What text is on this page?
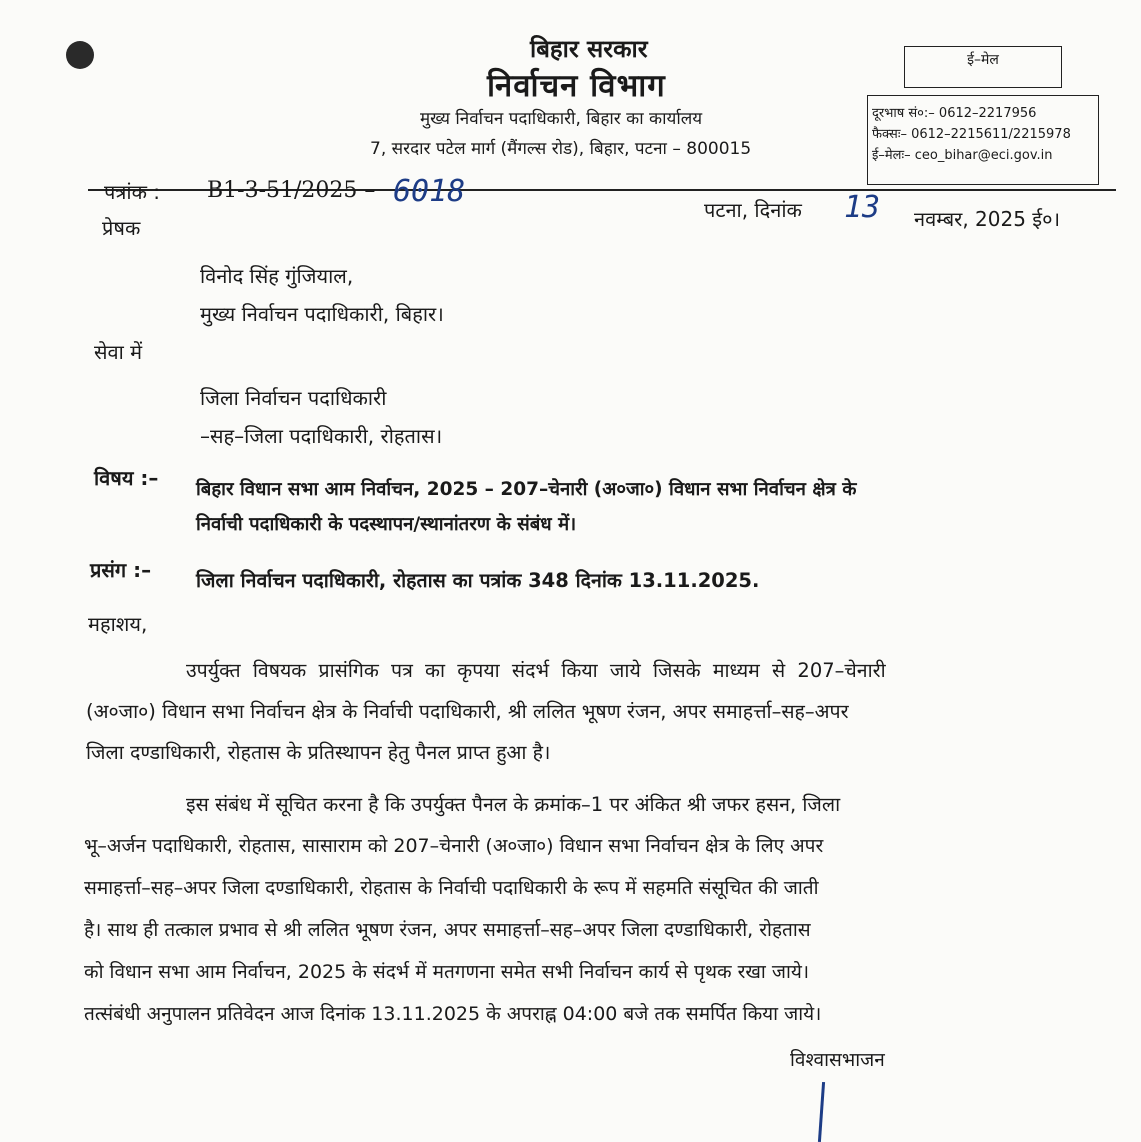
बिहार सरकार
निर्वाचन विभाग
मुख्य निर्वाचन पदाधिकारी, बिहार का कार्यालय
7, सरदार पटेल मार्ग (मैंगल्स रोड), बिहार, पटना – 800015
ई–मेल
दूरभाष सं०:– 0612–2217956
फैक्सः– 0612–2215611/2215978
ई–मेलः– ceo_bihar@eci.gov.in
पत्रांक : B1-3-51/2025 – 6018
पटना, दिनांक 13 नवम्बर, 2025 ई०।
प्रेषक
विनोद सिंह गुंजियाल,
मुख्य निर्वाचन पदाधिकारी, बिहार।
सेवा में
जिला निर्वाचन पदाधिकारी
–सह–जिला पदाधिकारी, रोहतास।
विषय :– बिहार विधान सभा आम निर्वाचन, 2025 – 207–चेनारी (अ०जा०) विधान सभा निर्वाचन क्षेत्र के
निर्वाची पदाधिकारी के पदस्थापन/स्थानांतरण के संबंध में।
प्रसंग :– जिला निर्वाचन पदाधिकारी, रोहतास का पत्रांक 348 दिनांक 13.11.2025.
महाशय,
उपर्युक्त विषयक प्रासंगिक पत्र का कृपया संदर्भ किया जाये जिसके माध्यम से 207–चेनारी
(अ०जा०) विधान सभा निर्वाचन क्षेत्र के निर्वाची पदाधिकारी, श्री ललित भूषण रंजन, अपर समाहर्त्ता–सह–अपर
जिला दण्डाधिकारी, रोहतास के प्रतिस्थापन हेतु पैनल प्राप्त हुआ है।
इस संबंध में सूचित करना है कि उपर्युक्त पैनल के क्रमांक–1 पर अंकित श्री जफर हसन, जिला
भू–अर्जन पदाधिकारी, रोहतास, सासाराम को 207–चेनारी (अ०जा०) विधान सभा निर्वाचन क्षेत्र के लिए अपर
समाहर्त्ता–सह–अपर जिला दण्डाधिकारी, रोहतास के निर्वाची पदाधिकारी के रूप में सहमति संसूचित की जाती
है। साथ ही तत्काल प्रभाव से श्री ललित भूषण रंजन, अपर समाहर्त्ता–सह–अपर जिला दण्डाधिकारी, रोहतास
को विधान सभा आम निर्वाचन, 2025 के संदर्भ में मतगणना समेत सभी निर्वाचन कार्य से पृथक रखा जाये।
तत्संबंधी अनुपालन प्रतिवेदन आज दिनांक 13.11.2025 के अपराह्न 04:00 बजे तक समर्पित किया जाये।
विश्वासभाजन
